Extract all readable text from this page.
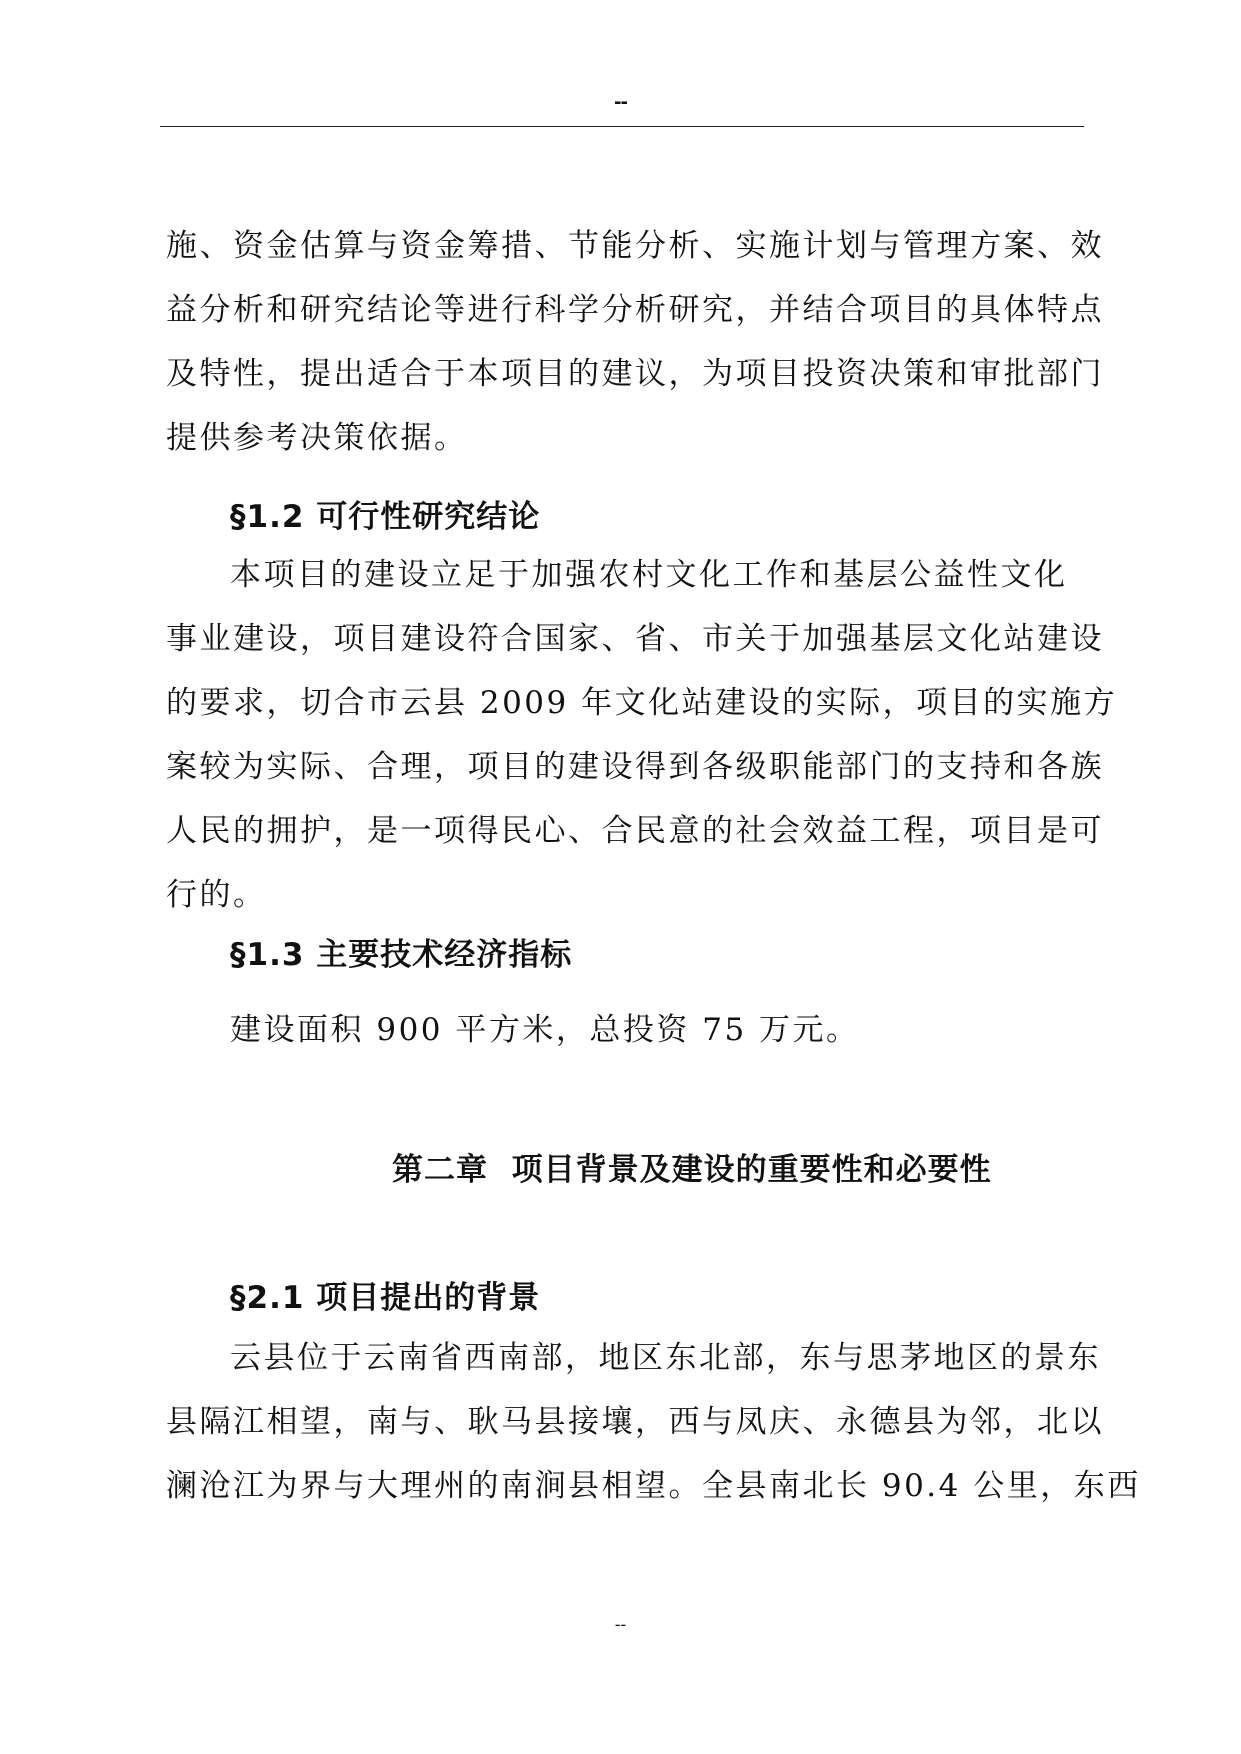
--
施、资金估算与资金筹措、节能分析、实施计划与管理方案、效
益分析和研究结论等进行科学分析研究，并结合项目的具体特点
及特性，提出适合于本项目的建议，为项目投资决策和审批部门
提供参考决策依据。
§1.2 可行性研究结论
本项目的建设立足于加强农村文化工作和基层公益性文化
事业建设，项目建设符合国家、省、市关于加强基层文化站建设
的要求，切合市云县 2009 年文化站建设的实际，项目的实施方
案较为实际、合理，项目的建设得到各级职能部门的支持和各族
人民的拥护，是一项得民心、合民意的社会效益工程，项目是可
行的。
§1.3 主要技术经济指标
建设面积 900 平方米，总投资 75 万元。
第二章  项目背景及建设的重要性和必要性
§2.1 项目提出的背景
云县位于云南省西南部，地区东北部，东与思茅地区的景东
县隔江相望，南与、耿马县接壤，西与凤庆、永德县为邻，北以
澜沧江为界与大理州的南涧县相望。全县南北长 90.4 公里，东西
--
